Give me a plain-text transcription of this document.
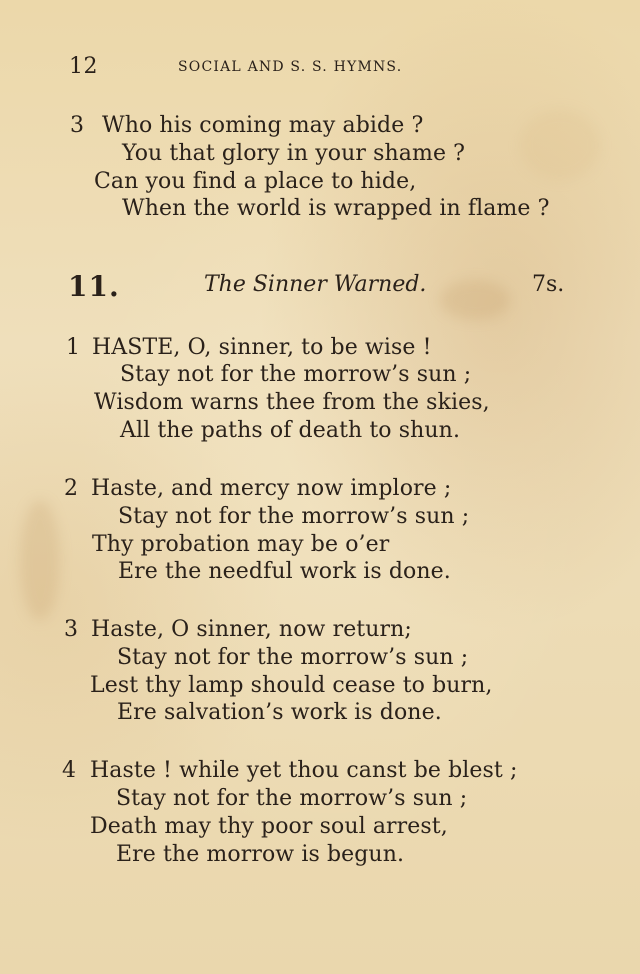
12	SOCIAL AND S. S. HYMNS.
3 Who his coming may abide ?
You that glory in your shame ?
Can you find a place to hide,
When the world is wrapped in flame ?
11.	The Sinner Warned.	7s.
1 HASTE, O, sinner, to be wise !
Stay not for the morrow’s sun ;
Wisdom warns thee from the skies,
All the paths of death to shun.
2 Haste, and mercy now implore ;
Stay not for the morrow’s sun ;
Thy probation may be o’er
Ere the needful work is done.
3 Haste, O sinner, now return;
Stay not for the morrow’s sun ;
Lest thy lamp should cease to burn,
Ere salvation’s work is done.
4 Haste ! while yet thou canst be blest ;
Stay not for the morrow’s sun ;
Death may thy poor soul arrest,
Ere the morrow is begun.
